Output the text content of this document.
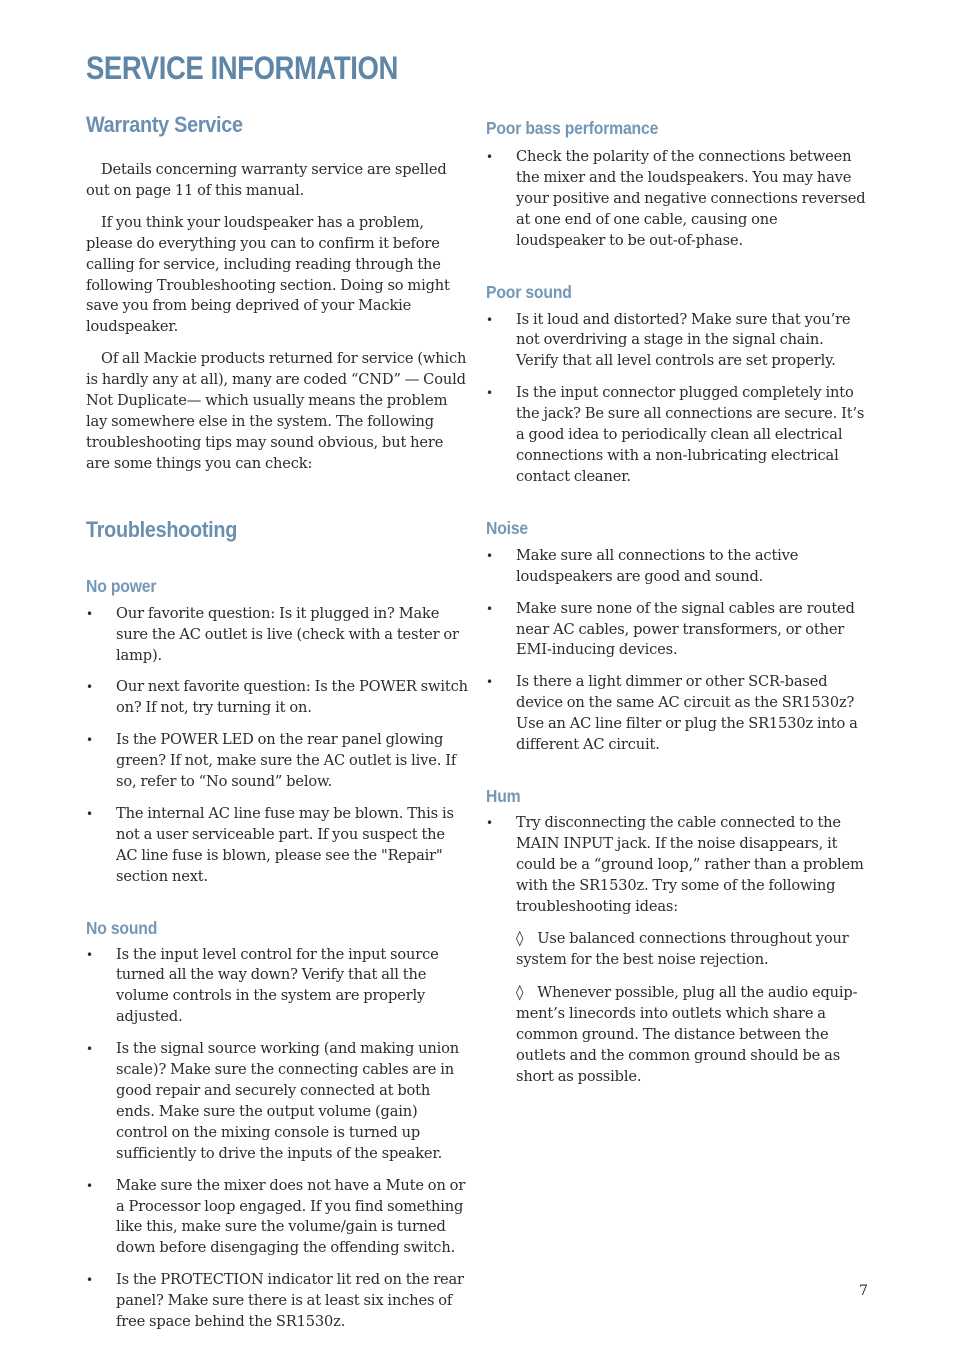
SERVICE INFORMATION
Warranty Service

Details concerning warranty service are spelled out on page 11 of this manual.

If you think your loudspeaker has a problem, please do everything you can to confirm it before calling for service, including reading through the following Troubleshooting section. Doing so might save you from being deprived of your Mackie loudspeaker.

Of all Mackie products returned for service (which is hardly any at all), many are coded “CND” — Could Not Duplicate— which usually means the problem lay somewhere else in the system. The following troubleshooting tips may sound obvious, but here are some things you can check:

Troubleshooting
No power
•	Our favorite question: Is it plugged in? Make sure the AC outlet is live (check with a tester or lamp).
•	Our next favorite question: Is the POWER switch on? If not, try turning it on.
•	Is the POWER LED on the rear panel glowing green? If not, make sure the AC outlet is live. If so, refer to “No sound” below.
•	The internal AC line fuse may be blown. This is not a user serviceable part. If you suspect the AC line fuse is blown, please see the "Repair" section next.
No sound
•	Is the input level control for the input source turned all the way down? Verify that all the volume controls in the system are properly adjusted.
•	Is the signal source working (and making union scale)? Make sure the connecting cables are in good repair and securely connected at both ends. Make sure the output volume (gain) control on the mixing console is turned up sufficiently to drive the inputs of the speaker.
•	Make sure the mixer does not have a Mute on or a Processor loop engaged. If you find something like this, make sure the volume/gain is turned down before disengaging the offending switch.
•	Is the PROTECTION indicator lit red on the rear panel? Make sure there is at least six inches of free space behind the SR1530z.
Poor bass performance
•	Check the polarity of the connections between the mixer and the loudspeakers. You may have your positive and negative connections reversed at one end of one cable, causing one loudspeaker to be out-of-phase.
Poor sound
•	Is it loud and distorted? Make sure that you’re not overdriving a stage in the signal chain. Verify that all level controls are set properly.
•	Is the input connector plugged completely into the jack? Be sure all connections are secure. It’s a good idea to periodically clean all electrical connections with a non-lubricating electrical contact cleaner.
Noise
•	Make sure all connections to the active loudspeakers are good and sound.
•	Make sure none of the signal cables are routed near AC cables, power transformers, or other EMI-inducing devices.
•	Is there a light dimmer or other SCR-based device on the same AC circuit as the SR1530z? Use an AC line filter or plug the SR1530z into a different AC circuit.
Hum
•	Try disconnecting the cable connected to the MAIN INPUT jack. If the noise disappears, it could be a “ground loop,” rather than a problem with the SR1530z. Try some of the following troubleshooting ideas:

◊ Use balanced connections throughout your system for the best noise rejection.

◊ Whenever possible, plug all the audio equipment’s linecords into outlets which share a common ground. The distance between the outlets and the common ground should be as short as possible.

7
